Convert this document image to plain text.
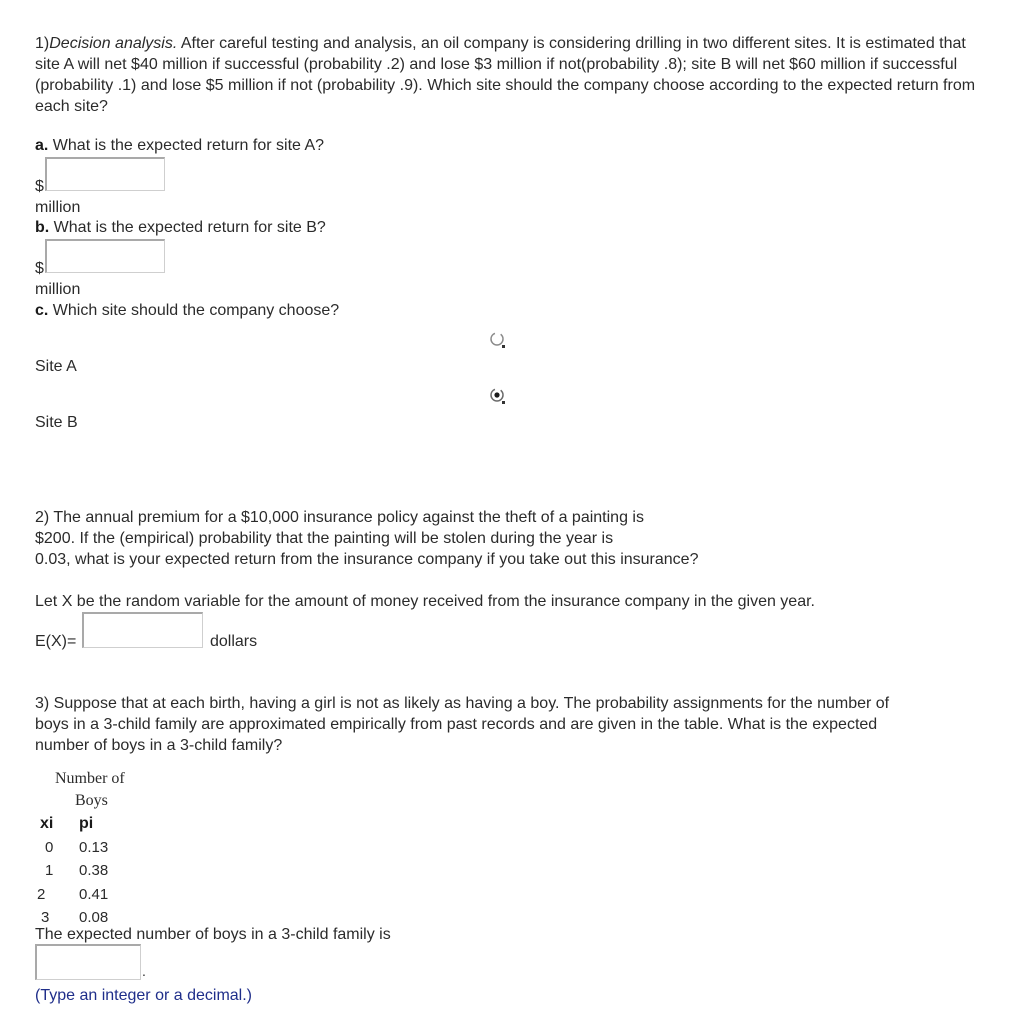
1)Decision analysis. After careful testing and analysis, an oil company is considering drilling in two different sites. It is estimated that site A will net $40 million if successful (probability .2) and lose $3 million if not(probability .8); site B will net $60 million if successful (probability .1) and lose $5 million if not (probability .9). Which site should the company choose according to the expected return from each site?
a. What is the expected return for site A?
$
million
b. What is the expected return for site B?
$
million
c. Which site should the company choose?
Site A
Site B
2) The annual premium for a $10,000 insurance policy against the theft of a painting is
$200. If the (empirical) probability that the painting will be stolen during the year is
0.03, what is your expected return from the insurance company if you take out this insurance?
Let X be the random variable for the amount of money received from the insurance company in the given year.
E(X)=	dollars
3) Suppose that at each birth, having a girl is not as likely as having a boy. The probability assignments for the number of
boys in a 3-child family are approximated empirically from past records and are given in the table. What is the expected
number of boys in a 3-child family?
Number of
Boys
xi pi
0 0.13
1 0.38
2 0.41
3 0.08
The expected number of boys in a 3-child family is
.
(Type an integer or a decimal.)
